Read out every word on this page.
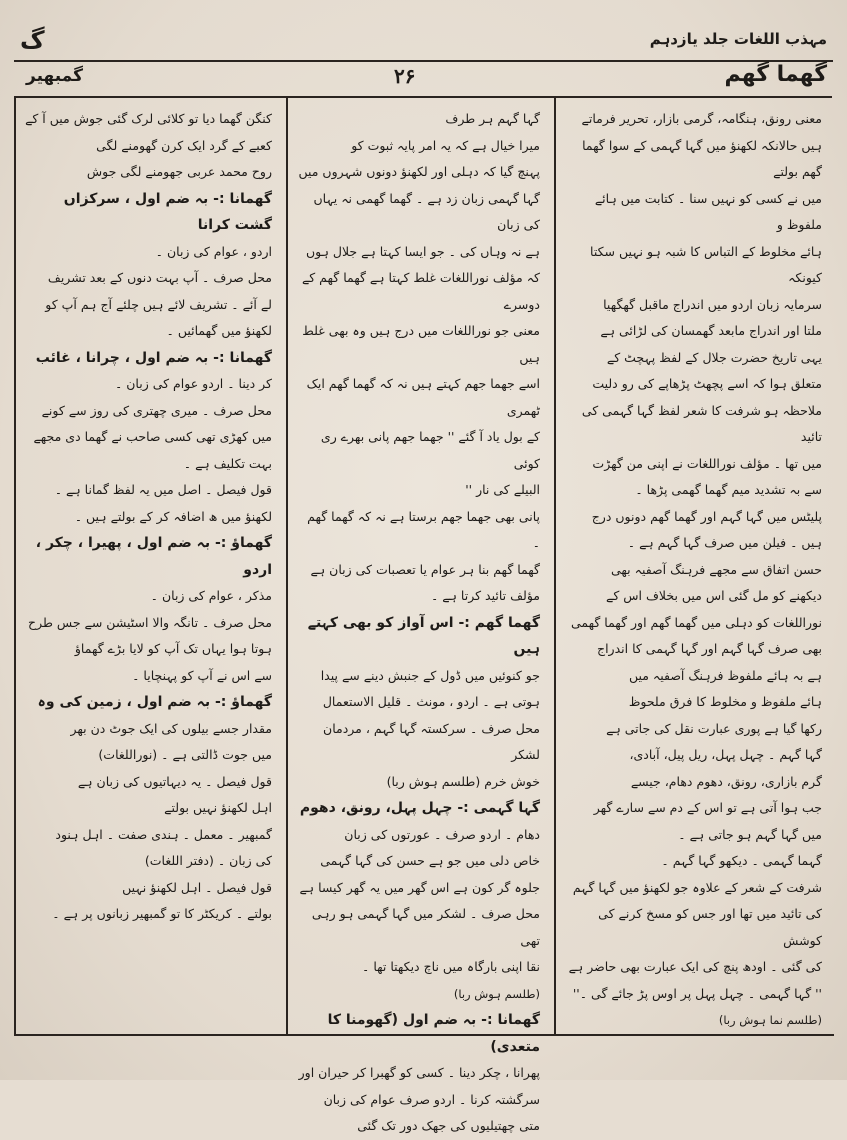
مہذب اللغات جلد یازدہم
گ
گھما گھم
۲۶
گمبھیر

معنی رونق، ہنگامہ، گرمی بازار، تحریر فرماتے

ہیں حالانکہ لکھنؤ میں گہا گہمی کے سوا گھما گھم بولتے

میں نے کسی کو نہیں سنا ۔ کتابت میں ہائے ملفوظ و

ہائے مخلوط کے التباس کا شبہ ہو نہیں سکتا کیونکہ

سرمایہ زبان اردو میں اندراج ماقبل گھگھیا

ملتا اور اندراج مابعد گھمسان کی لڑائی ہے

یہی تاریخ حضرت جلال کے لفظ پہچٹ کے

متعلق ہوا کہ اسے پچھٹ پڑھاپے کی رو دلیت

ملاحظہ ہو شرفت کا شعر لفظ گہا گہمی کی تائید

میں تھا ۔ مؤلف نوراللغات نے اپنی من گھڑت

سے بہ تشدید میم گھما گھمی پڑھا ۔

پلیٹس میں گہا گہم اور گھما گھم دونوں درج

ہیں ۔ فیلن میں صرف گہا گہم ہے ۔

حسن اتفاق سے مجھے فرہنگ آصفیہ بھی

دیکھنے کو مل گئی اس میں بخلاف اس کے

نوراللغات کو دہلی میں گھما گھم اور گھما گھمی

بھی صرف گہا گہم اور گہا گہمی کا اندراج

ہے بہ ہائے ملفوظ فرہنگ آصفیہ میں

ہائے ملفوظ و مخلوط کا فرق ملحوظ

رکھا گیا ہے پوری عبارت نقل کی جاتی ہے

گہا گہم ۔ چہل پہل، ریل پیل، آبادی،

گرم بازاری، رونق، دھوم دھام، جیسے

جب ہوا آتی ہے تو اس کے دم سے سارے گھر

میں گہا گہم ہو جاتی ہے ۔

گہما گہمی ۔ دیکھو گہا گہم ۔

شرفت کے شعر کے علاوہ جو لکھنؤ میں گہا گہم

کی تائید میں تھا اور جس کو مسخ کرنے کی کوشش

کی گئی ۔ اودھ پنچ کی ایک عبارت بھی حاضر ہے

'' گہا گہمی ۔ چہل پہل پر اوس پڑ جائے گی ۔''

(طلسم نما ہوش ربا)

گہا گہم ہر طرف

میرا خیال ہے کہ یہ امر پایہ ثبوت کو

پہنچ گیا کہ دہلی اور لکھنؤ دونوں شہروں میں

گہا گہمی زبان زد ہے ۔ گھما گھمی نہ یہاں کی زبان

ہے نہ وہاں کی ۔ جو ایسا کہتا ہے جلال ہوں

کہ مؤلف نوراللغات غلط کہتا ہے گھما گھم کے دوسرے

معنی جو نوراللغات میں درج ہیں وہ بھی غلط ہیں

اسے جھما جھم کہتے ہیں نہ کہ گھما گھم ایک ٹھمری

کے بول یاد آ گئے '' جھما جھم پانی بھرے ری کوئی

البیلے کی نار ''

پانی بھی جھما جھم برستا ہے نہ کہ گھما گھم ۔

گھما گھم بنا ہر عوام یا تعصبات کی زبان ہے

مؤلف تائید کرتا ہے ۔

گھما گھم :- اس آواز کو بھی کہتے ہیں

جو کنوئیں میں ڈول کے جنبش دینے سے پیدا

ہوتی ہے ۔ اردو ، مونث ۔ قلیل الاستعمال

محل صرف ۔ سرکستہ گہا گہم ، مردمان لشکر

خوش خرم (طلسم ہوش ربا)

گہا گہمی :- چہل پہل، رونق، دھوم

دھام ۔ اردو صرف ۔ عورتوں کی زبان

خاص دلی میں جو ہے حسن کی گہا گہمی

جلوہ گر کون ہے اس گھر میں یہ گھر کیسا ہے

محل صرف ۔ لشکر میں گہا گہمی ہو رہی تھی

نقا اپنی بارگاہ میں ناچ دیکھتا تھا ۔

(طلسم ہوش ربا)

گھمانا :- بہ ضم اول (گھومنا کا متعدی)

پھرانا ، چکر دینا ۔ کسی کو گھبرا کر حیران اور

سرگشتہ کرنا ۔ اردو صرف عوام کی زبان

متی چھتیلیوں کی جھک دور تک گئی

کنگن گھما دیا تو کلائی لرک گئی جوش میں آ کے

کعبے کے گرد ایک کرن گھومنے لگی

روح محمد عربی جھومنے لگی جوش

گھمانا :- بہ ضم اول ، سرکزاں گشت کرانا

اردو ، عوام کی زبان ۔

محل صرف ۔ آپ بہت دنوں کے بعد تشریف

لے آئے ۔ تشریف لائے ہیں چلئے آج ہم آپ کو

لکھنؤ میں گھمائیں ۔

گھمانا :- بہ ضم اول ، چرانا ، غائب

کر دینا ۔ اردو عوام کی زبان ۔

محل صرف ۔ میری چھتری کی روز سے کونے

میں کھڑی تھی کسی صاحب نے گھما دی مجھے

بہت تکلیف ہے ۔

قول فیصل ۔ اصل میں یہ لفظ گمانا ہے ۔

لکھنؤ میں ھ اضافہ کر کے بولتے ہیں ۔

گھماؤ :- بہ ضم اول ، پھیرا ، چکر ، اردو

مذکر ، عوام کی زبان ۔

محل صرف ۔ تانگہ والا اسٹیشن سے جس طرح

ہوتا ہوا یہاں تک آپ کو لایا بڑے گھماؤ

سے اس نے آپ کو پہنچایا ۔

گھماؤ :- بہ ضم اول ، زمین کی وہ

مقدار جسے بیلوں کی ایک جوٹ دن بھر

میں جوت ڈالتی ہے ۔ (نوراللغات)

قول فیصل ۔ یہ دیہاتیوں کی زبان ہے

اہل لکھنؤ نہیں بولتے

گمبھیر ۔ معمل ۔ ہندی صفت ۔ اہل ہنود

کی زبان ۔ (دفتر اللغات)

قول فیصل ۔ اہل لکھنؤ نہیں

بولتے ۔ کریکٹر کا تو گمبھیر زبانوں پر ہے ۔
